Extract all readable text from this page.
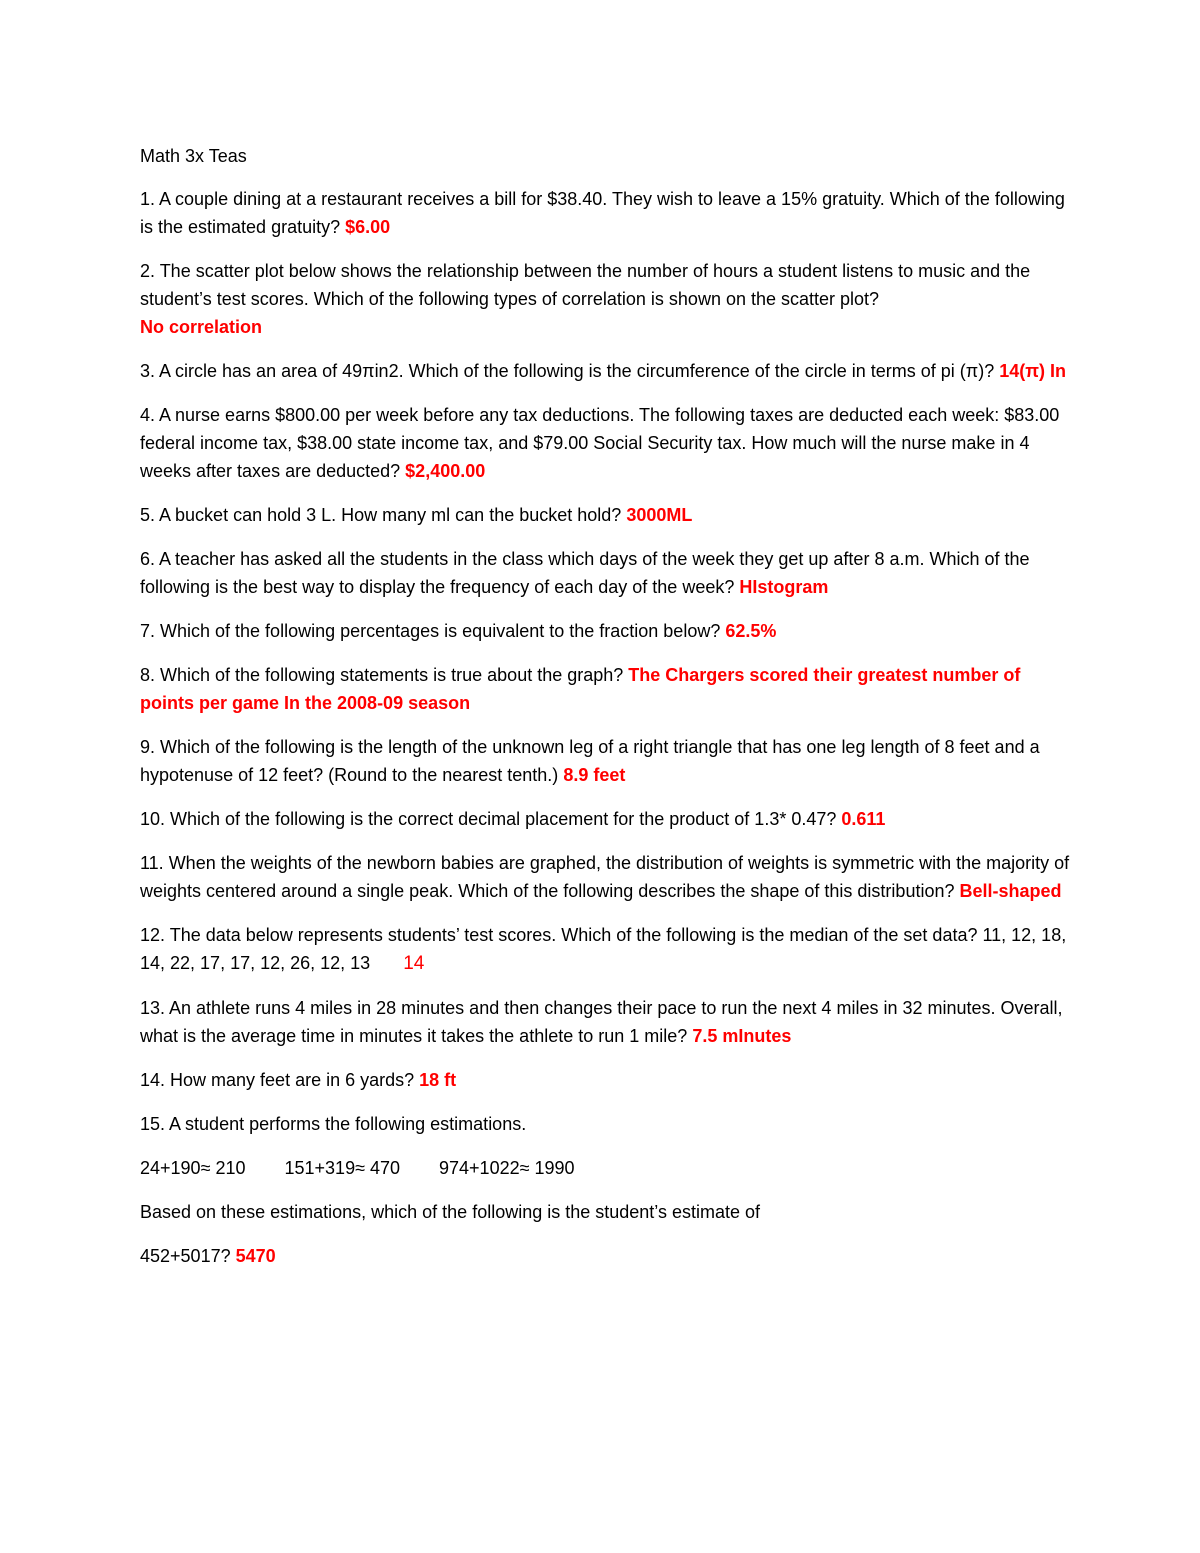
Math 3x Teas

1. A couple dining at a restaurant receives a bill for $38.40. They wish to leave a 15% gratuity. Which of the following is the estimated gratuity? $6.00

2. The scatter plot below shows the relationship between the number of hours a student listens to music and the student’s test scores. Which of the following types of correlation is shown on the scatter plot?
No correlation

3. A circle has an area of 49πin2. Which of the following is the circumference of the circle in terms of pi (π)? 14(π) In

4. A nurse earns $800.00 per week before any tax deductions. The following taxes are deducted each week: $83.00 federal income tax, $38.00 state income tax, and $79.00 Social Security tax. How much will the nurse make in 4 weeks after taxes are deducted? $2,400.00

5. A bucket can hold 3 L. How many ml can the bucket hold? 3000ML

6. A teacher has asked all the students in the class which days of the week they get up after 8 a.m. Which of the following is the best way to display the frequency of each day of the week? HIstogram

7. Which of the following percentages is equivalent to the fraction below? 62.5%

8. Which of the following statements is true about the graph? The Chargers scored their greatest number of points per game In the 2008-09 season

9. Which of the following is the length of the unknown leg of a right triangle that has one leg length of 8 feet and a hypotenuse of 12 feet? (Round to the nearest tenth.) 8.9 feet

10. Which of the following is the correct decimal placement for the product of 1.3* 0.47? 0.611

11. When the weights of the newborn babies are graphed, the distribution of weights is symmetric with the majority of weights centered around a single peak. Which of the following describes the shape of this distribution? Bell-shaped

12. The data below represents students’ test scores. Which of the following is the median of the set data? 11, 12, 18, 14, 22, 17, 17, 12, 26, 12, 13 14

13. An athlete runs 4 miles in 28 minutes and then changes their pace to run the next 4 miles in 32 minutes. Overall, what is the average time in minutes it takes the athlete to run 1 mile? 7.5 mInutes

14. How many feet are in 6 yards? 18 ft

15. A student performs the following estimations.

24+190≈ 210 151+319≈ 470 974+1022≈ 1990

Based on these estimations, which of the following is the student’s estimate of

452+5017? 5470
